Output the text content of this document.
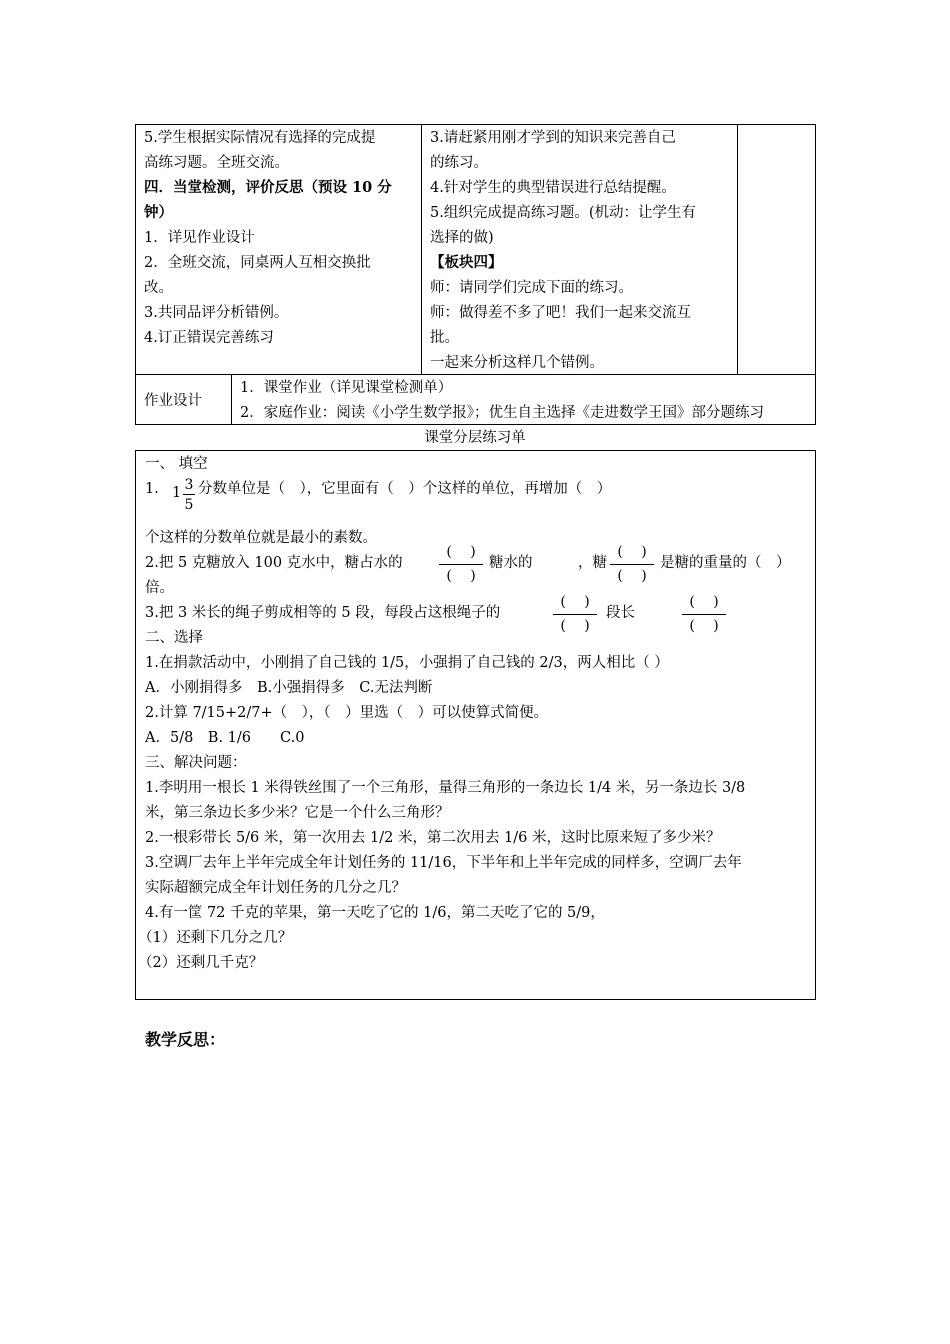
5.学生根据实际情况有选择的完成提
高练习题。全班交流。
四．当堂检测，评价反思（预设 10 分
钟）
1．详见作业设计
2．全班交流，同桌两人互相交换批
改。
3.共同品评分析错例。
4.订正错误完善练习
3.请赶紧用刚才学到的知识来完善自己
的练习。
4.针对学生的典型错误进行总结提醒。
5.组织完成提高练习题。(机动：让学生有
选择的做)
【板块四】
师：请同学们完成下面的练习。
师：做得差不多了吧！我们一起来交流互
批。
一起来分析这样几个错例。
作业设计
1．课堂作业（详见课堂检测单）
2．家庭作业：阅读《小学生数学报》；优生自主选择《走进数学王国》部分题练习
课堂分层练习单
一、 填空
1. 1 3
5
分数单位是（　），它里面有（　）个这样的单位，再增加（　）
个这样的分数单位就是最小的素数。
2.把 5 克糖放入 100 克水中，糖占水的
(　 )
(　 )
糖水的	，糖
(　 )
(　 )
是糖的重量的（　）
倍。
3.把 3 米长的绳子剪成相等的 5 段，每段占这根绳子的
(　 )
(　 )
段长
(　 )
(　 )
二、选择
1.在捐款活动中，小刚捐了自己钱的 1/5，小强捐了自己钱的 2/3，两人相比（ ）
A．小刚捐得多　B.小强捐得多　C.无法判断
2.计算 7/15+2/7+（　），（　）里选（　）可以使算式简便。
A．5/8　B. 1/6　　C.0
三、解决问题：
1.李明用一根长 1 米得铁丝围了一个三角形，量得三角形的一条边长 1/4 米，另一条边长 3/8
米，第三条边长多少米？它是一个什么三角形？
2.一根彩带长 5/6 米，第一次用去 1/2 米，第二次用去 1/6 米，这时比原来短了多少米？
3.空调厂去年上半年完成全年计划任务的 11/16，下半年和上半年完成的同样多，空调厂去年
实际超额完成全年计划任务的几分之几？
4.有一筐 72 千克的苹果，第一天吃了它的 1/6，第二天吃了它的 5/9，
（1）还剩下几分之几？
（2）还剩几千克？
教学反思：
